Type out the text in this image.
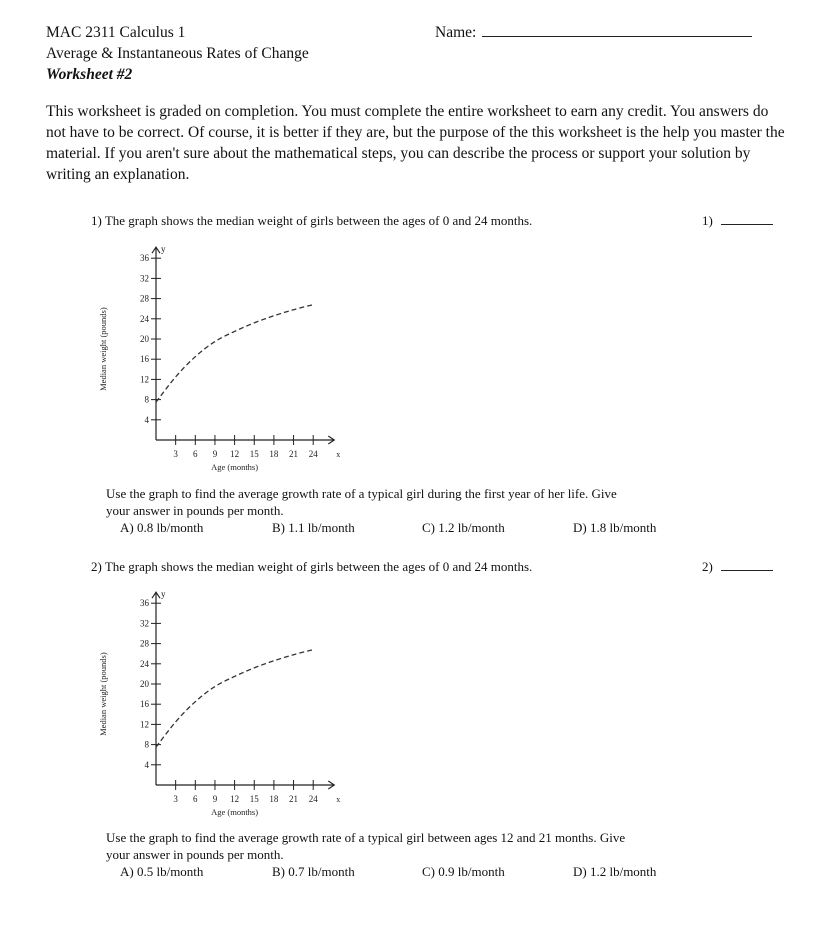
MAC 2311 Calculus 1
Average & Instantaneous Rates of Change
Worksheet #2
Name:
This worksheet is graded on completion. You must complete the entire worksheet to earn any credit. You answers do not have to be correct. Of course, it is better if they are, but the purpose of the this worksheet is the help you master the material. If you aren't sure about the mathematical steps, you can describe the process or support your solution by writing an explanation.
1) The graph shows the median weight of girls between the ages of 0 and 24 months.	1)
x
y
3 6 9 12 15 18 21 24
4
8
12
16
20
24
28
32
36
Age (months)
Median weight (pounds)
Use the graph to find the average growth rate of a typical girl during the first year of her life. Give
your answer in pounds per month.
A) 0.8 lb/month	B) 1.1 lb/month	C) 1.2 lb/month	D) 1.8 lb/month
2) The graph shows the median weight of girls between the ages of 0 and 24 months.	2)
x
y
3 6 9 12 15 18 21 24
4
8
12
16
20
24
28
32
36
Age (months)
Median weight (pounds)
Use the graph to find the average growth rate of a typical girl between ages 12 and 21 months. Give
your answer in pounds per month.
A) 0.5 lb/month	B) 0.7 lb/month	C) 0.9 lb/month	D) 1.2 lb/month
